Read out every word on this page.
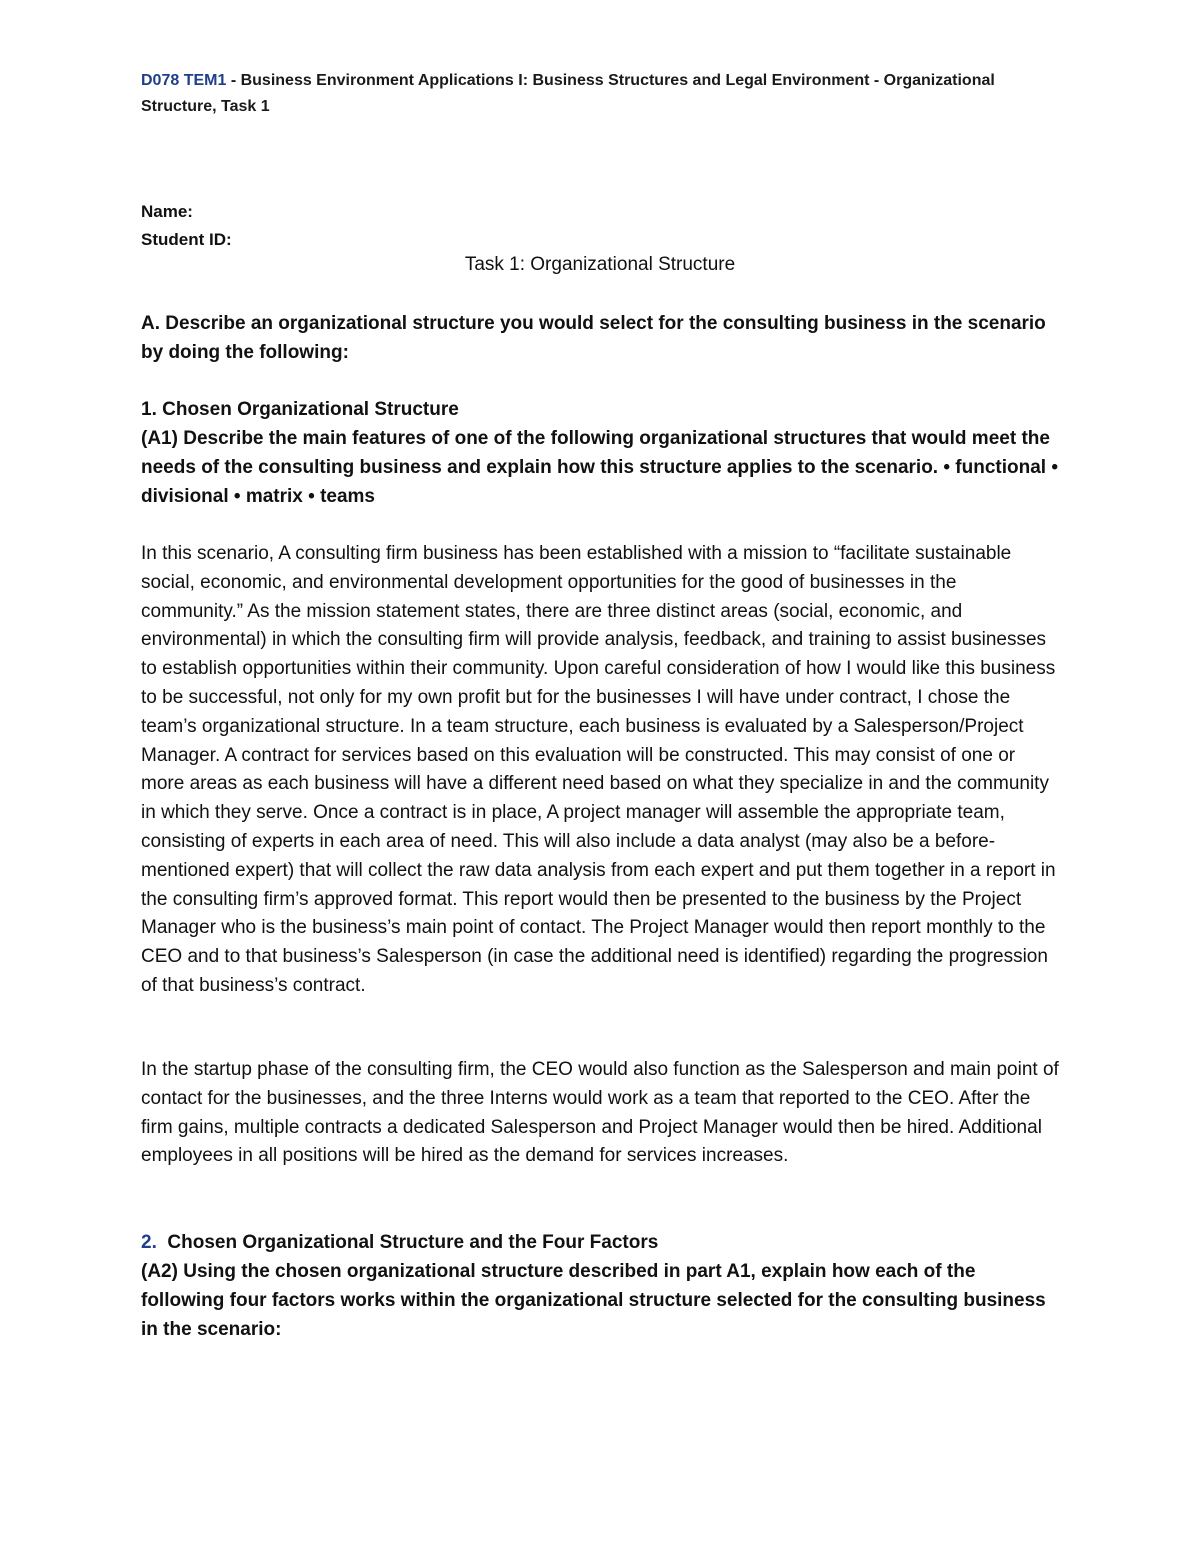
D078 TEM1 - Business Environment Applications I: Business Structures and Legal Environment - Organizational Structure, Task 1
Name:
Student ID:
Task 1: Organizational Structure
A. Describe an organizational structure you would select for the consulting business in the scenario by doing the following:
1. Chosen Organizational Structure
(A1) Describe the main features of one of the following organizational structures that would meet the needs of the consulting business and explain how this structure applies to the scenario. • functional • divisional • matrix • teams

In this scenario, A consulting firm business has been established with a mission to “facilitate sustainable social, economic, and environmental development opportunities for the good of businesses in the community.” As the mission statement states, there are three distinct areas (social, economic, and environmental) in which the consulting firm will provide analysis, feedback, and training to assist businesses to establish opportunities within their community. Upon careful consideration of how I would like this business to be successful, not only for my own profit but for the businesses I will have under contract, I chose the team’s organizational structure. In a team structure, each business is evaluated by a Salesperson/Project Manager. A contract for services based on this evaluation will be constructed. This may consist of one or more areas as each business will have a different need based on what they specialize in and the community in which they serve. Once a contract is in place, A project manager will assemble the appropriate team, consisting of experts in each area of need. This will also include a data analyst (may also be a before-mentioned expert) that will collect the raw data analysis from each expert and put them together in a report in the consulting firm’s approved format. This report would then be presented to the business by the Project Manager who is the business’s main point of contact. The Project Manager would then report monthly to the CEO and to that business’s Salesperson (in case the additional need is identified) regarding the progression of that business’s contract.

In the startup phase of the consulting firm, the CEO would also function as the Salesperson and main point of contact for the businesses, and the three Interns would work as a team that reported to the CEO. After the firm gains, multiple contracts a dedicated Salesperson and Project Manager would then be hired. Additional employees in all positions will be hired as the demand for services increases.

2.  Chosen Organizational Structure and the Four Factors
(A2) Using the chosen organizational structure described in part A1, explain how each of the following four factors works within the organizational structure selected for the consulting business in the scenario:
